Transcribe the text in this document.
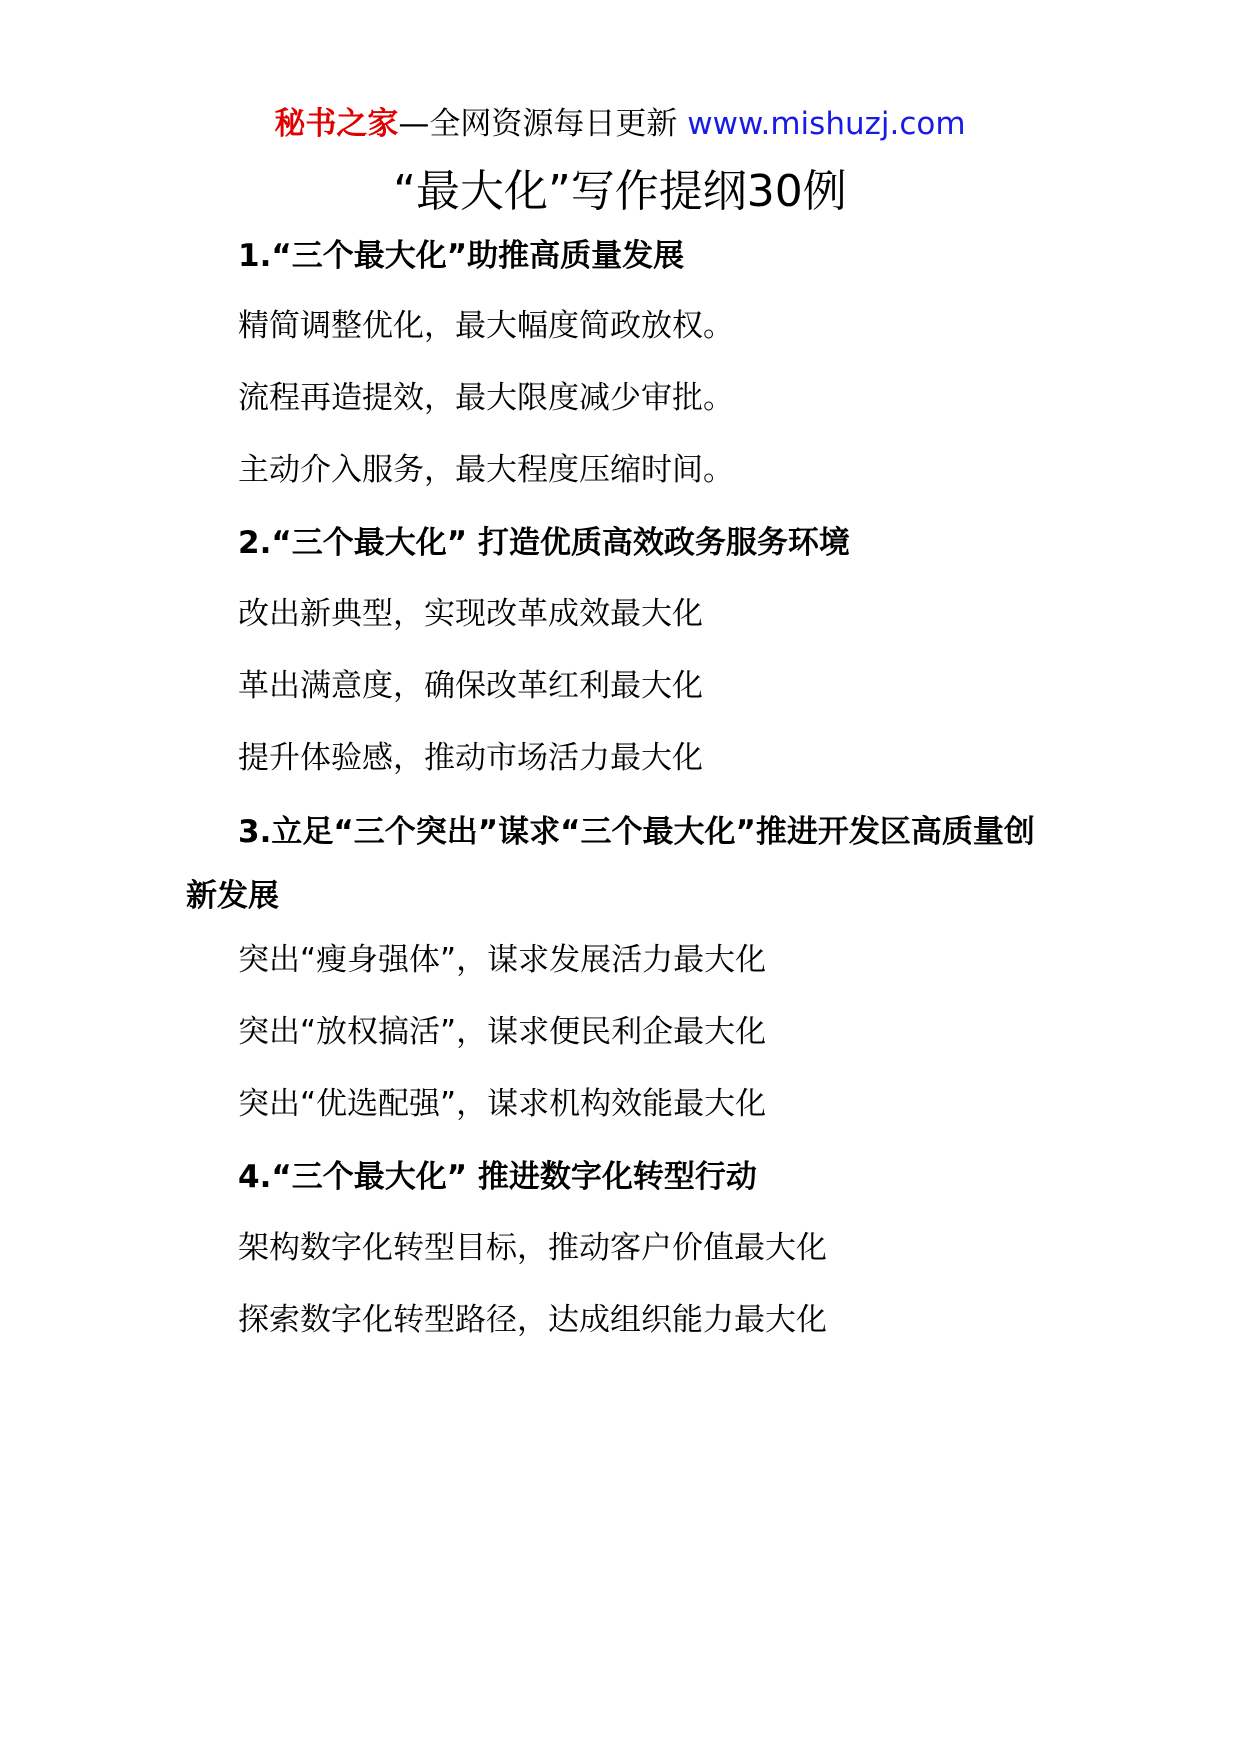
秘书之家—全网资源每日更新 www.mishuzj.com
“最大化”写作提纲30例
1.“三个最大化”助推高质量发展
精简调整优化，最大幅度简政放权。
流程再造提效，最大限度减少审批。
主动介入服务，最大程度压缩时间。
2.“三个最大化” 打造优质高效政务服务环境
改出新典型，实现改革成效最大化
革出满意度，确保改革红利最大化
提升体验感，推动市场活力最大化
3.立足“三个突出”谋求“三个最大化”推进开发区高质量创新发展
突出“瘦身强体”，谋求发展活力最大化
突出“放权搞活”，谋求便民利企最大化
突出“优选配强”，谋求机构效能最大化
4.“三个最大化” 推进数字化转型行动
架构数字化转型目标，推动客户价值最大化
探索数字化转型路径，达成组织能力最大化
